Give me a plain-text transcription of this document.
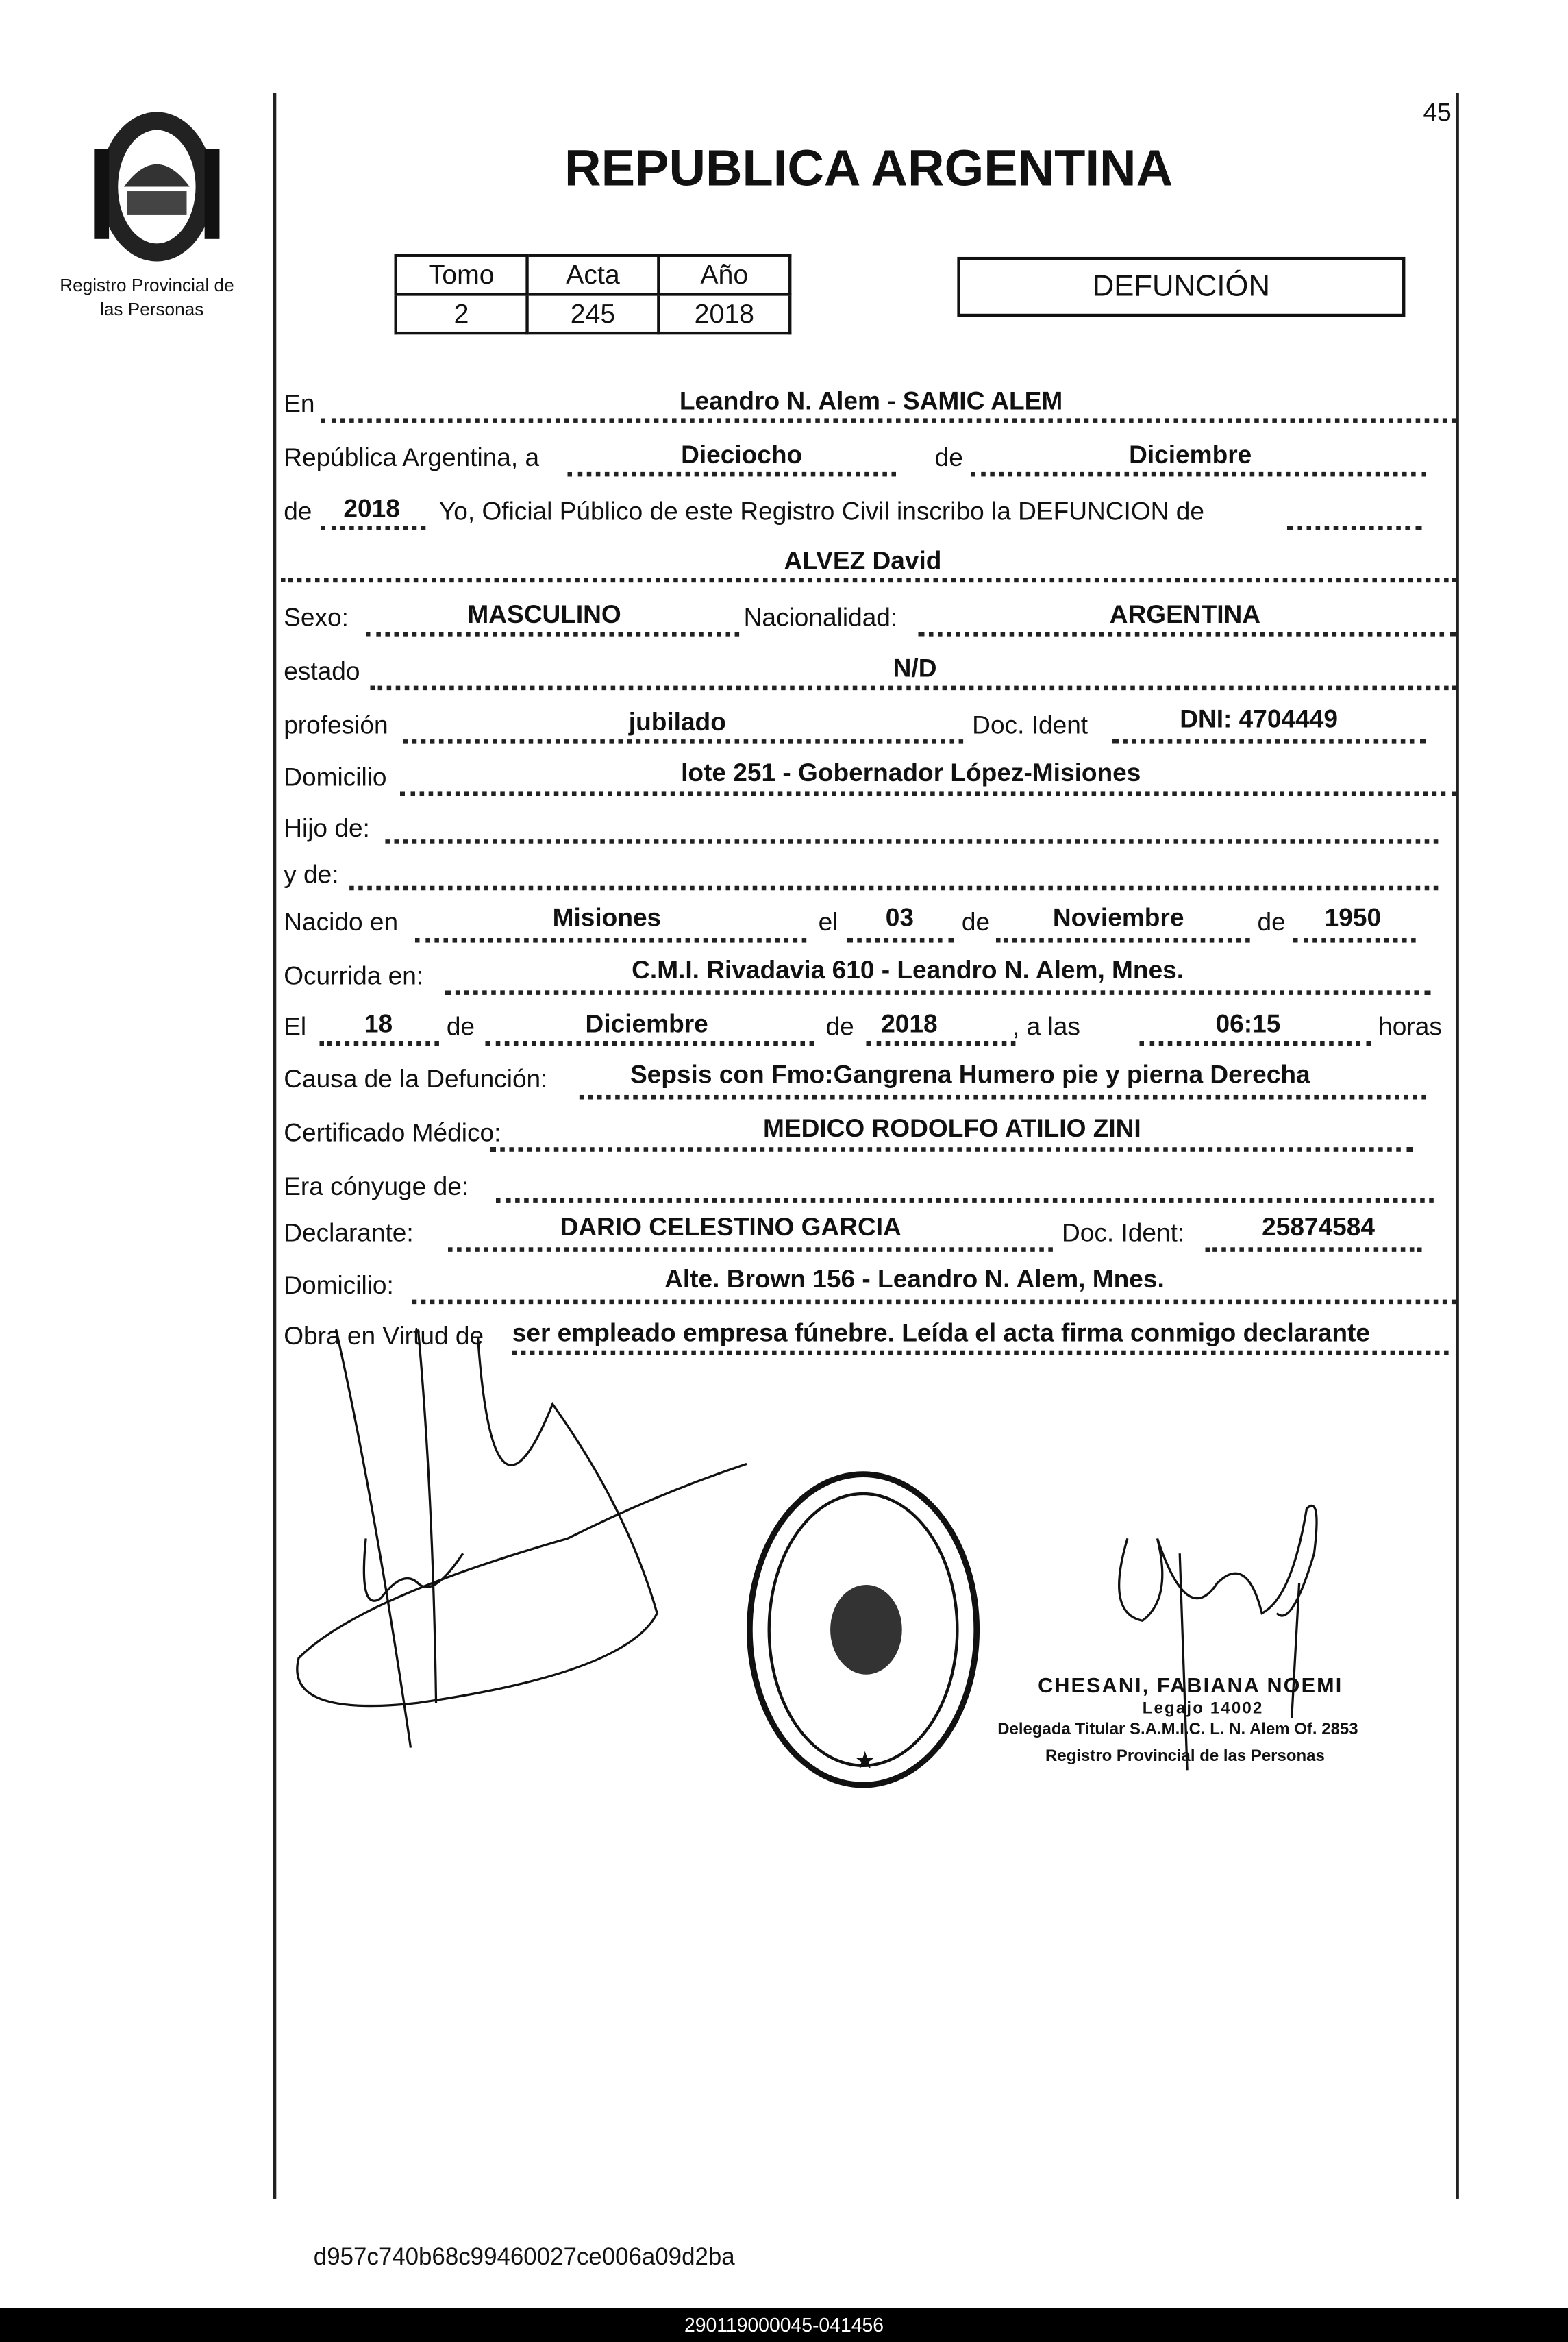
45
Registro Provincial de
las Personas
REPUBLICA ARGENTINA
Tomo	Acta	Año
2	245	2018
DEFUNCIÓN
En	Leandro N. Alem - SAMIC ALEM
República Argentina, a	Dieciocho	de	Diciembre
de	2018	Yo, Oficial Público de este Registro Civil inscribo la DEFUNCION de
ALVEZ David
Sexo:	MASCULINO	Nacionalidad:	ARGENTINA
estado	N/D
profesión	jubilado	Doc. Ident	DNI: 4704449
Domicilio	lote 251 - Gobernador López-Misiones
Hijo de:
y de:
Nacido en	Misiones	el	03	de	Noviembre	de	1950
Ocurrida en:	C.M.I. Rivadavia 610 - Leandro N. Alem, Mnes.
El	18	de	Diciembre	de 2018	, a las	06:15	horas
Causa de la Defunción:	Sepsis con Fmo:Gangrena Humero pie y pierna Derecha
Certificado Médico:	MEDICO RODOLFO ATILIO ZINI
Era cónyuge de:
Declarante:	DARIO CELESTINO GARCIA	Doc. Ident:	25874584
Domicilio:	Alte. Brown 156 - Leandro N. Alem, Mnes.
Obra en Virtud de ser empleado empresa fúnebre. Leída el acta firma conmigo declarante
★
CHESANI, FABIANA NOEMI
Legajo 14002
Delegada Titular S.A.M.I.C. L. N. Alem Of. 2853
Registro Provincial de las Personas
d957c740b68c99460027ce006a09d2ba
290119000045-041456
